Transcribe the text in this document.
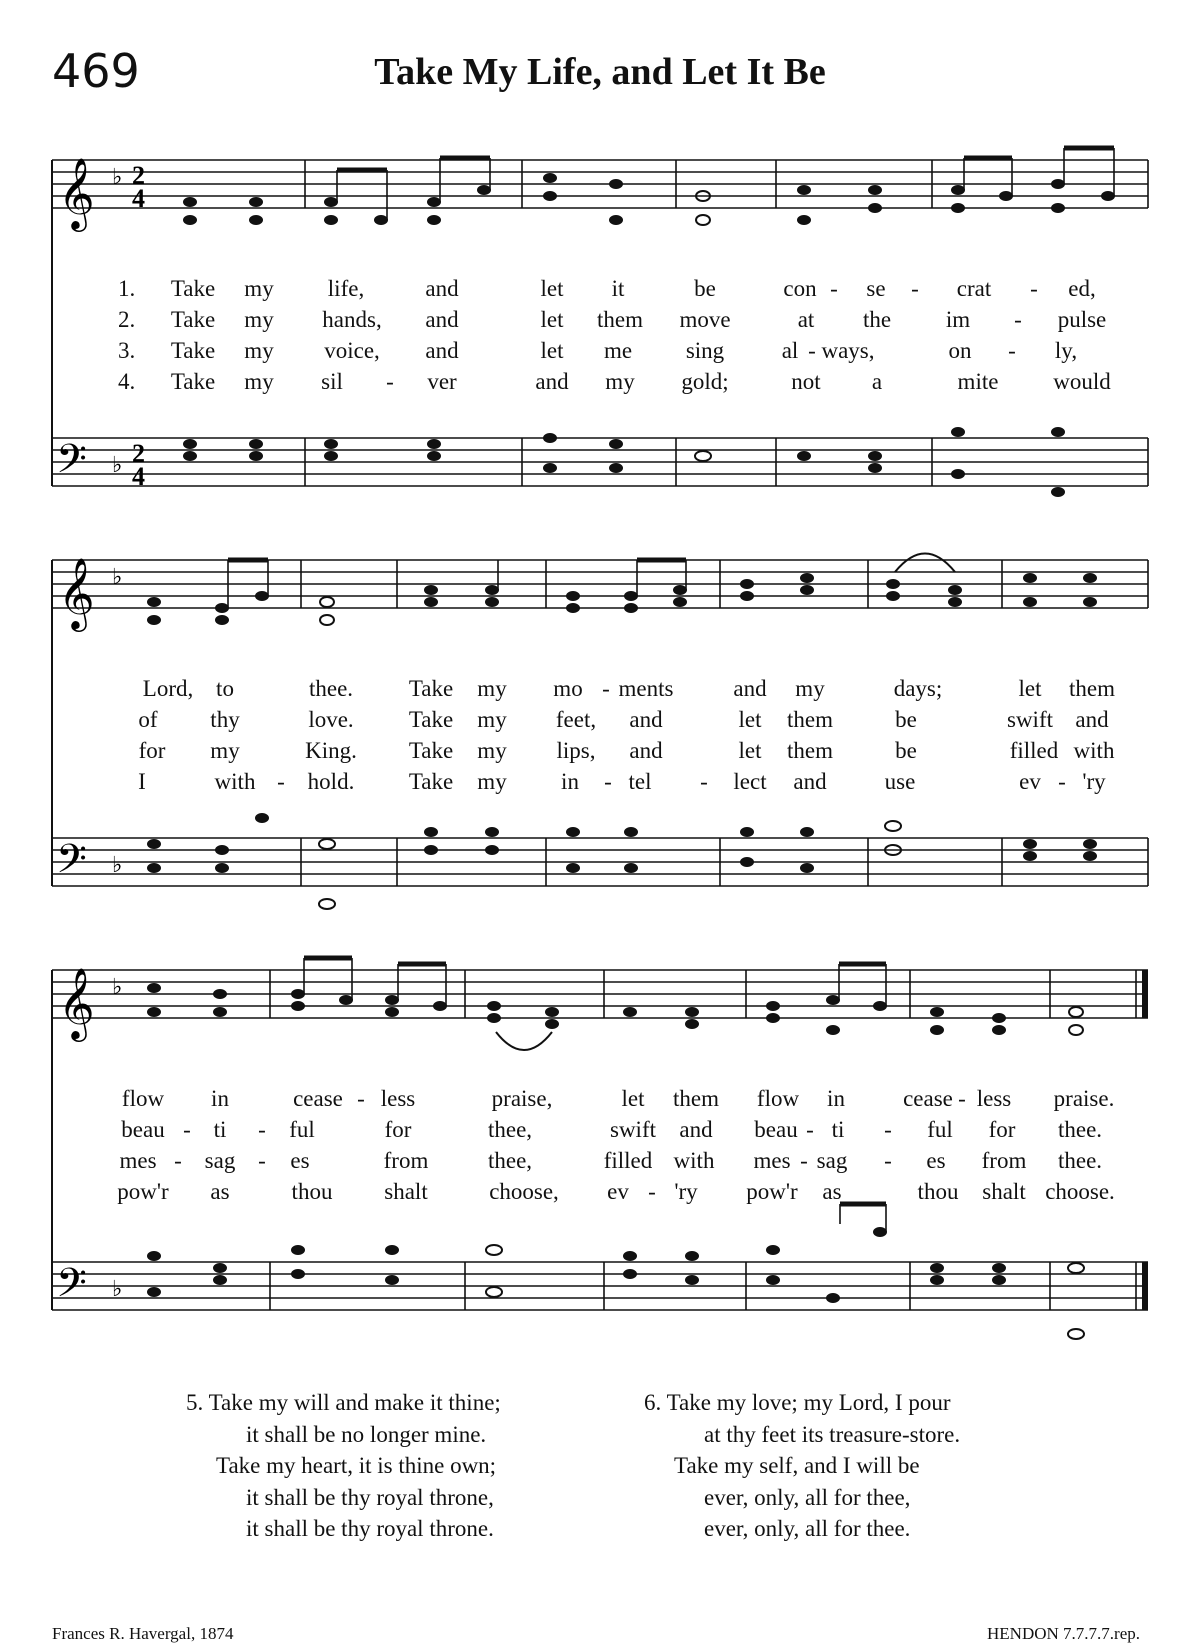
469	Take My Life, and Let It Be
𝄞 ♭ 2
4
𝄢 ♭ 2
4
1. Take my life,	and	let it	be	con - se - crat - ed,
2. Take my hands, and	let them move	at the im - pulse
3. Take my voice, and	let me sing	al - ways,	on - ly,
4. Take my sil - ver	and my gold;	not a	mite would
𝄞 ♭
𝄢 ♭
Lord, to	thee. Take my mo - ments	and my	days;	let them
of thy	love. Take my feet, and	let them	be	swift and
for my	King. Take my lips, and	let them	be	filled with
I	with - hold. Take my in - tel - lect and	use	ev - 'ry
𝄞 ♭
𝄢 ♭
flow in	cease - less	praise,	let them flow in	cease - less praise.
beau - ti - ful	for	thee,	swift and beau - ti - ful for thee.
mes - sag - es	from	thee,	filled with mes - sag - es from thee.
pow'r as	thou shalt	choose, ev - 'ry pow'r as	thou shalt choose.
5. Take my will and make it thine;
it shall be no longer mine.
Take my heart, it is thine own;
it shall be thy royal throne,
it shall be thy royal throne.
6. Take my love; my Lord, I pour
at thy feet its treasure-store.
Take my self, and I will be
ever, only, all for thee,
ever, only, all for thee.
Frances R. Havergal, 1874	HENDON 7.7.7.7.rep.
